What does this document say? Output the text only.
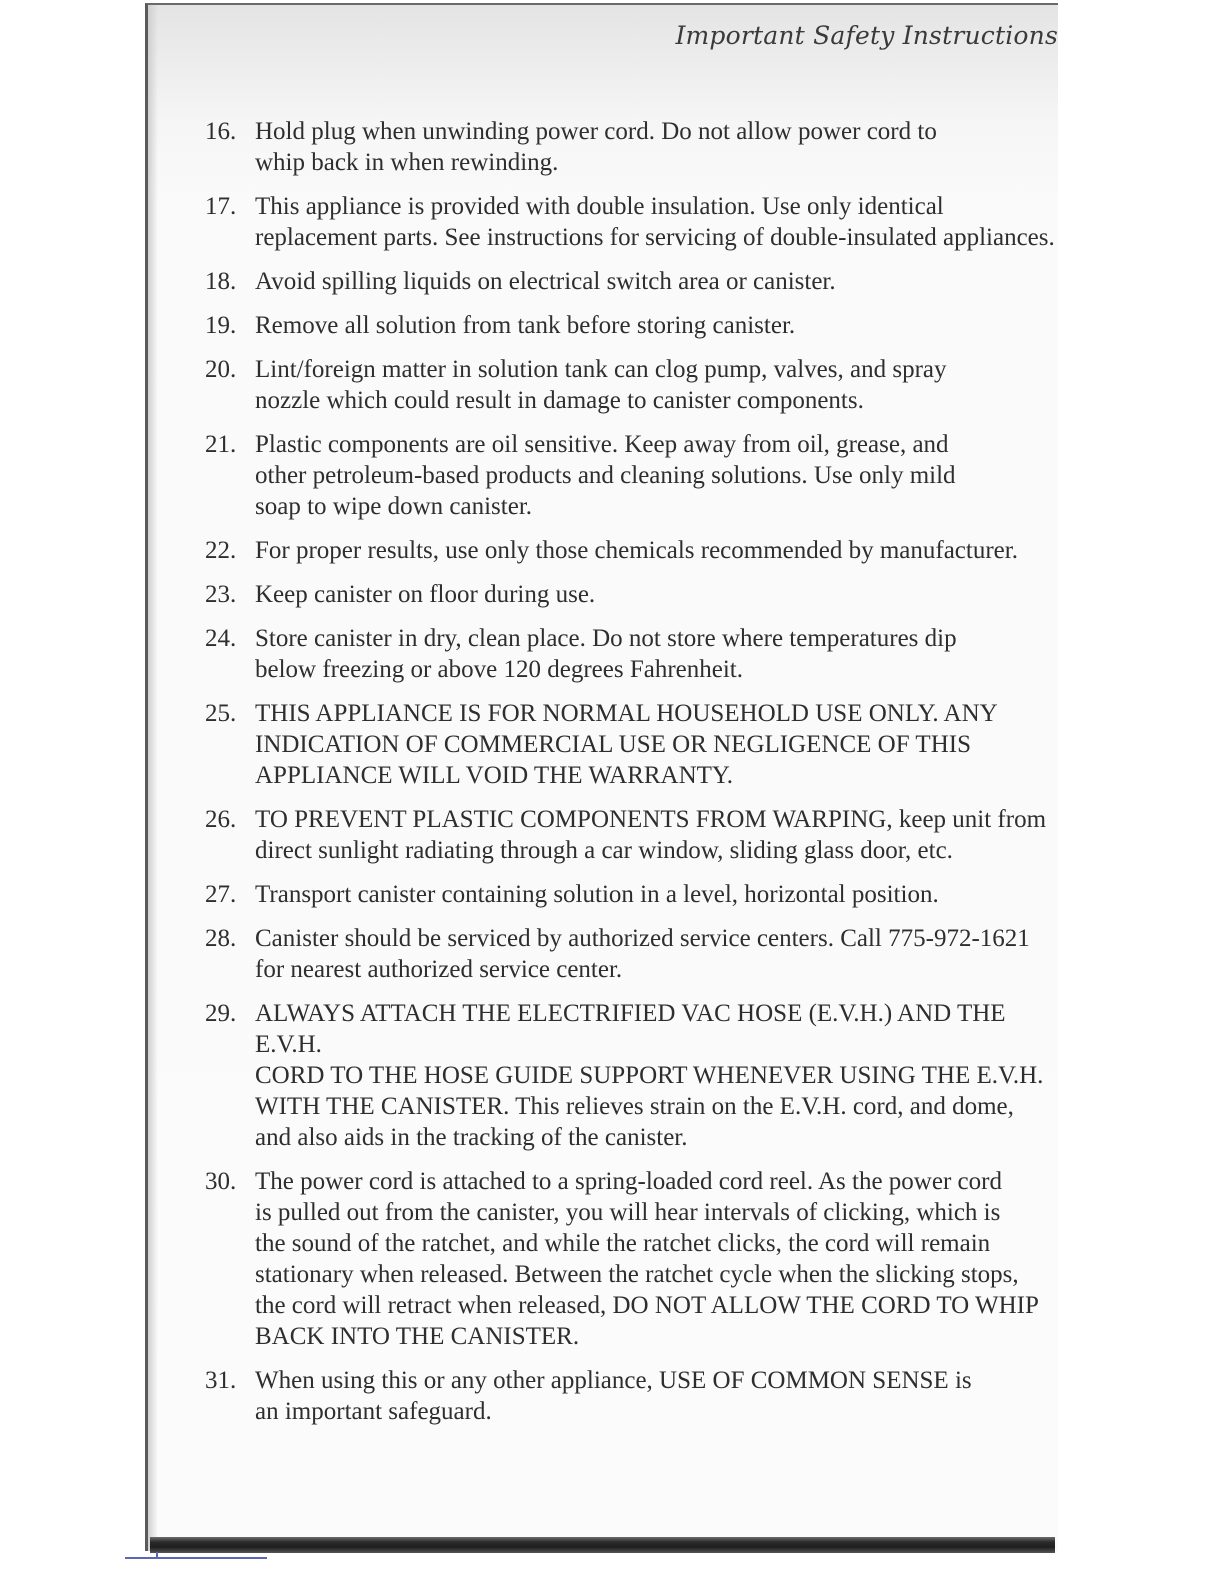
Important Safety Instructions
16. Hold plug when unwinding power cord. Do not allow power cord to
whip back in when rewinding.
17. This appliance is provided with double insulation. Use only identical
replacement parts. See instructions for servicing of double-insulated appliances.
18. Avoid spilling liquids on electrical switch area or canister.
19. Remove all solution from tank before storing canister.
20. Lint/foreign matter in solution tank can clog pump, valves, and spray
nozzle which could result in damage to canister components.
21. Plastic components are oil sensitive. Keep away from oil, grease, and
other petroleum-based products and cleaning solutions. Use only mild
soap to wipe down canister.
22. For proper results, use only those chemicals recommended by manufacturer.
23. Keep canister on floor during use.
24. Store canister in dry, clean place. Do not store where temperatures dip
below freezing or above 120 degrees Fahrenheit.
25. THIS APPLIANCE IS FOR NORMAL HOUSEHOLD USE ONLY. ANY
INDICATION OF COMMERCIAL USE OR NEGLIGENCE OF THIS
APPLIANCE WILL VOID THE WARRANTY.
26. TO PREVENT PLASTIC COMPONENTS FROM WARPING, keep unit from
direct sunlight radiating through a car window, sliding glass door, etc.
27. Transport canister containing solution in a level, horizontal position.
28. Canister should be serviced by authorized service centers. Call 775-972-1621
for nearest authorized service center.
29. ALWAYS ATTACH THE ELECTRIFIED VAC HOSE (E.V.H.) AND THE E.V.H.
CORD TO THE HOSE GUIDE SUPPORT WHENEVER USING THE E.V.H.
WITH THE CANISTER. This relieves strain on the E.V.H. cord, and dome,
and also aids in the tracking of the canister.
30. The power cord is attached to a spring-loaded cord reel. As the power cord
is pulled out from the canister, you will hear intervals of clicking, which is
the sound of the ratchet, and while the ratchet clicks, the cord will remain
stationary when released. Between the ratchet cycle when the slicking stops,
the cord will retract when released, DO NOT ALLOW THE CORD TO WHIP
BACK INTO THE CANISTER.
31. When using this or any other appliance, USE OF COMMON SENSE is
an important safeguard.
